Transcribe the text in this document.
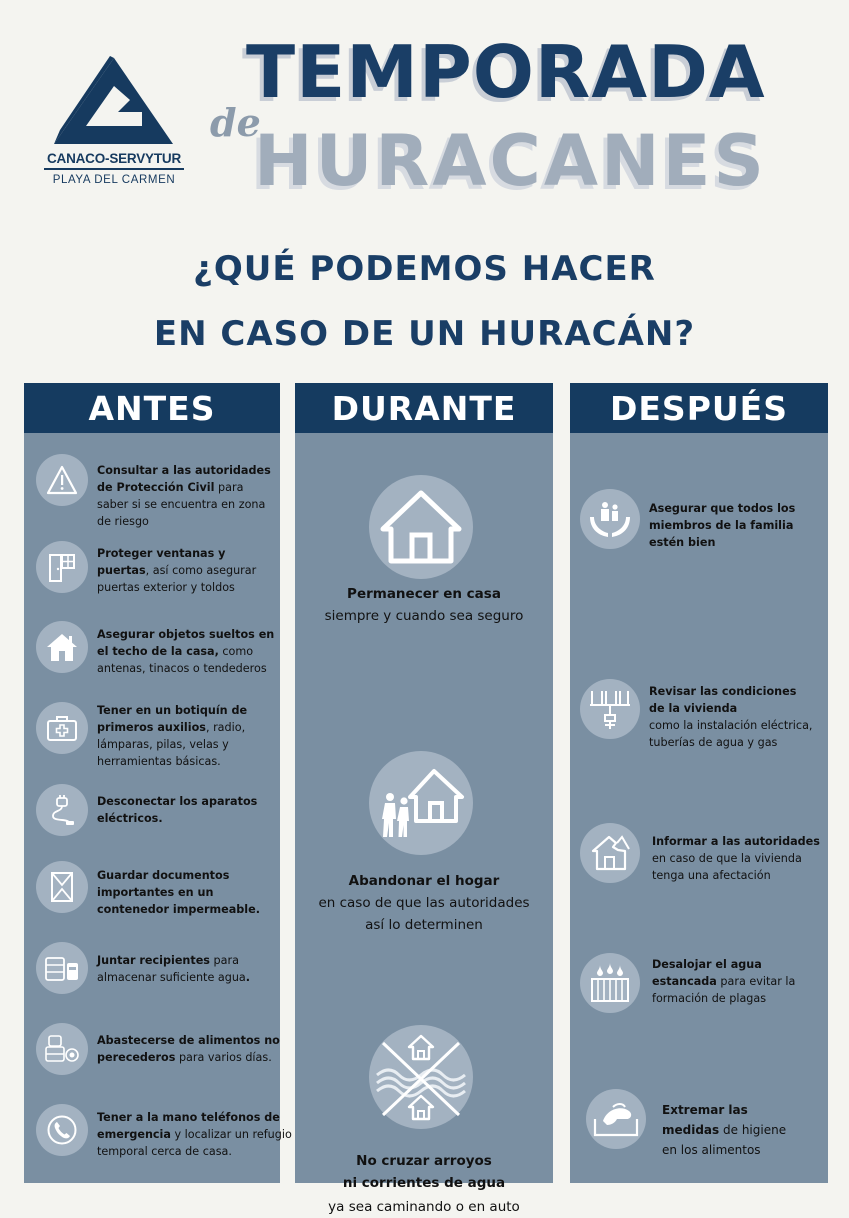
CANACO-SERVYTUR
PLAYA DEL CARMEN
TEMPORADA
de
HURACANES
¿QUÉ PODEMOS HACER
EN CASO DE UN HURACÁN?
ANTES
Consultar a las autoridades
de Protección Civil para
saber si se encuentra en zona
de riesgo
Proteger ventanas y
puertas, así como asegurar
puertas exterior y toldos
Asegurar objetos sueltos en
el techo de la casa, como
antenas, tinacos o tendederos
Tener en un botiquín de
primeros auxilios, radio,
lámparas, pilas, velas y
herramientas básicas.
Desconectar los aparatos
eléctricos.
Guardar documentos
importantes en un
contenedor impermeable.
Juntar recipientes para
almacenar suficiente agua.
Abastecerse de alimentos no
perecederos para varios días.
Tener a la mano teléfonos de
emergencia y localizar un refugio
temporal cerca de casa.
DURANTE
Permanecer en casa
siempre y cuando sea seguro
Abandonar el hogar
en caso de que las autoridades
así lo determinen
No cruzar arroyos
ni corrientes de agua
ya sea caminando o en auto
DESPUÉS
Asegurar que todos los
miembros de la familia
estén bien
Revisar las condiciones
de la vivienda
como la instalación eléctrica,
tuberías de agua y gas
Informar a las autoridades
en caso de que la vivienda
tenga una afectación
Desalojar el agua
estancada para evitar la
formación de plagas
Extremar las
medidas de higiene
en los alimentos
